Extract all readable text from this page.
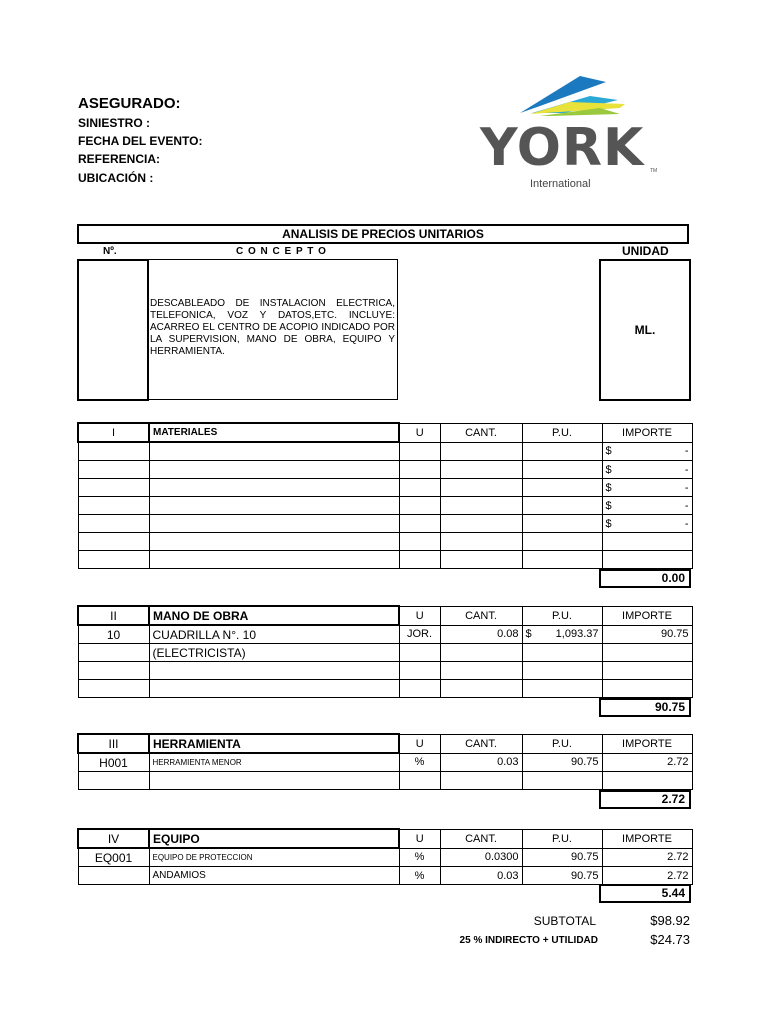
ASEGURADO:
SINIESTRO :
FECHA DEL EVENTO:
REFERENCIA:
UBICACIÓN :	YORK TM
International
ANALISIS DE PRECIOS UNITARIOS
Nº.	C O N C E P T O	UNIDAD
DESCABLEADO DE INSTALACION ELECTRICA, TELEFONICA, VOZ Y DATOS,ETC. INCLUYE: ACARREO EL CENTRO DE ACOPIO INDICADO POR LA SUPERVISION, MANO DE OBRA, EQUIPO Y HERRAMIENTA.
ML.
I	MATERIALES	U	CANT.	P.U.	IMPORTE

					$ -

					$ -

					$ -

					$ -

					$ -

0.00
II	MANO DE OBRA	U	CANT.	P.U.	IMPORTE
10	CUADRILLA N°. 10	JOR.	0.08	$ 1,093.37	90.75
	(ELECTRICISTA)				

90.75
III	HERRAMIENTA	U	CANT.	P.U.	IMPORTE
H001	HERRAMIENTA MENOR	%	0.03	90.75	2.72

2.72
IV	EQUIPO	U	CANT.	P.U.	IMPORTE
EQ001	EQUIPO DE PROTECCION	%	0.0300	90.75	2.72
	ANDAMIOS	%	0.03	90.75	2.72
5.44
SUBTOTAL	$98.92
25 % INDIRECTO + UTILIDAD	$24.73
